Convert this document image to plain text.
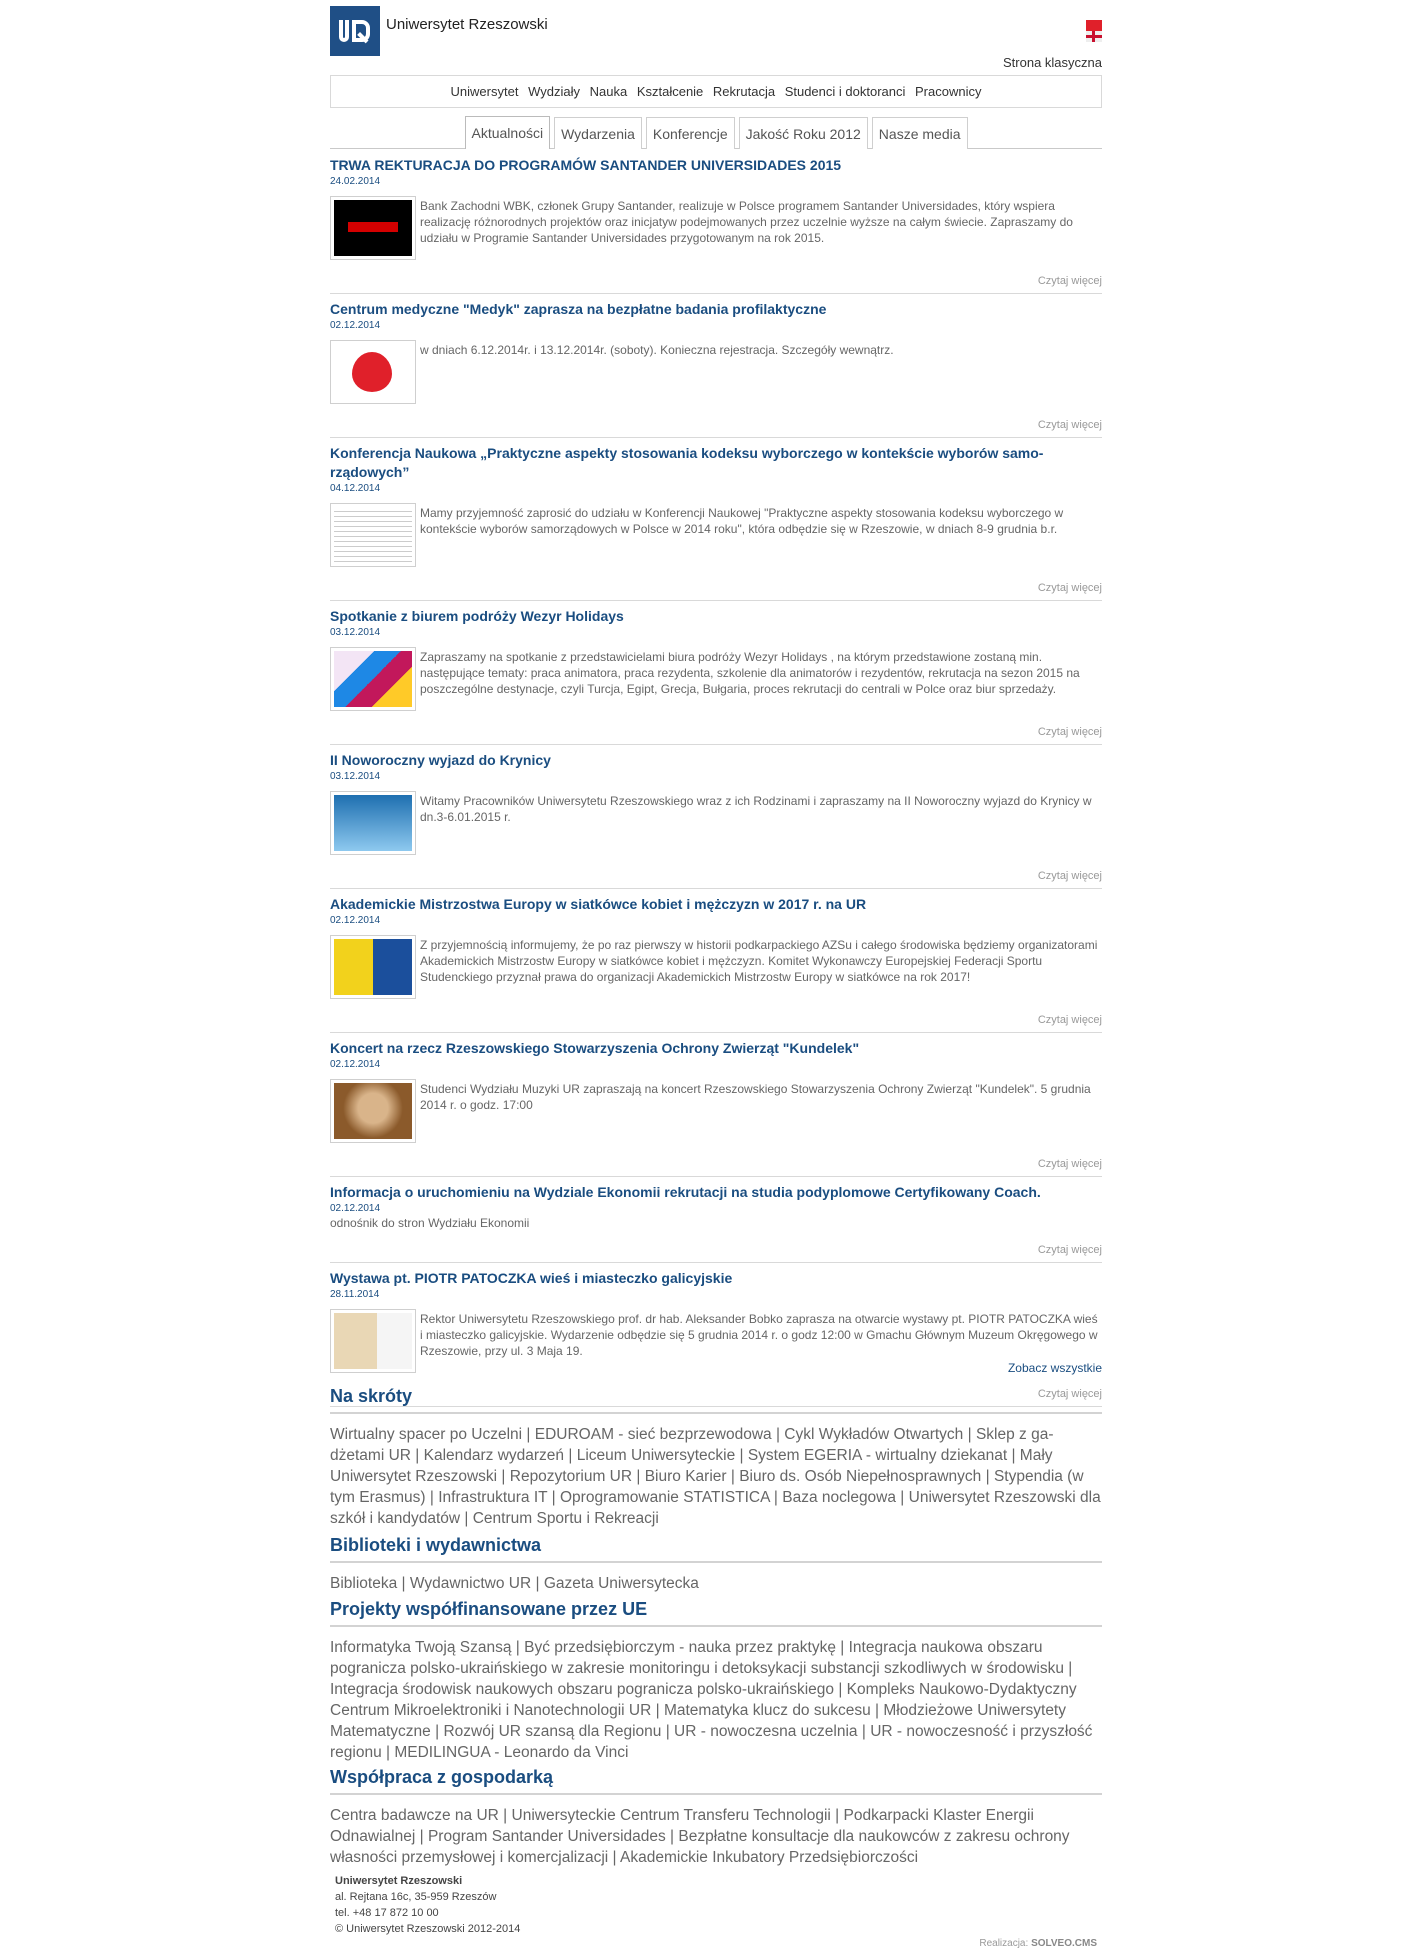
Uniwersytet Rzeszowski
Strona klasyczna
Uniwersytet Wydziały Nauka Kształcenie Rekrutacja Studenci i doktoranci Pracownicy
Aktualności Wydarzenia Konferencje Jakość Roku 2012 Nasze media
TRWA REKTURACJA DO PROGRAMÓW SANTANDER UNIVERSIDADES 2015
24.02.2014
Bank Zachodni WBK, członek Grupy Santander, realizuje w Polsce programem Santander Universidades, który wspiera realizację różnorodnych projektów oraz inicjatyw podejmowanych przez uczelnie wyższe na całym świecie. Zapraszamy do udziału w Programie Santander Universidades przygotowanym na rok 2015.
Czytaj więcej
Centrum medyczne "Medyk" zaprasza na bezpłatne badania profilaktyczne
02.12.2014
w dniach 6.12.2014r. i 13.12.2014r. (soboty). Konieczna rejestracja. Szczegóły wewnątrz.
Czytaj więcej
Konferencja Naukowa „Praktyczne aspekty stosowania kodeksu wyborczego w kontekście wyborów samorządowych”
04.12.2014
Mamy przyjemność zaprosić do udziału w Konferencji Naukowej "Praktyczne aspekty stosowania kodeksu wyborczego w kontekście wyborów samorządowych w Polsce w 2014 roku", która odbędzie się w Rzeszowie, w dniach 8-9 grudnia b.r.
Czytaj więcej
Spotkanie z biurem podróży Wezyr Holidays
03.12.2014
Zapraszamy na spotkanie z przedstawicielami biura podróży Wezyr Holidays , na którym przedstawione zostaną min. następujące tematy: praca animatora, praca rezydenta, szkolenie dla animatorów i rezydentów, rekrutacja na sezon 2015 na poszczególne destynacje, czyli Turcja, Egipt, Grecja, Bułgaria, proces rekrutacji do centrali w Polce oraz biur sprzedaży.
Czytaj więcej
II Noworoczny wyjazd do Krynicy
03.12.2014
Witamy Pracowników Uniwersytetu Rzeszowskiego wraz z ich Rodzinami i zapraszamy na II Noworoczny wyjazd do Krynicy w dn.3-6.01.2015 r.
Czytaj więcej
Akademickie Mistrzostwa Europy w siatkówce kobiet i mężczyzn w 2017 r. na UR
02.12.2014
Z przyjemnością informujemy, że po raz pierwszy w historii podkarpackiego AZSu i całego środowiska będziemy organizatorami Akademickich Mistrzostw Europy w siatkówce kobiet i mężczyzn. Komitet Wykonawczy Europejskiej Federacji Sportu Studenckiego przyznał prawa do organizacji Akademickich Mistrzostw Europy w siatkówce na rok 2017!
Czytaj więcej
Koncert na rzecz Rzeszowskiego Stowarzyszenia Ochrony Zwierząt "Kundelek"
02.12.2014
Studenci Wydziału Muzyki UR zapraszają na koncert Rzeszowskiego Stowarzyszenia Ochrony Zwierząt "Kundelek". 5 grudnia 2014 r. o godz. 17:00
Czytaj więcej
Informacja o uruchomieniu na Wydziale Ekonomii rekrutacji na studia podyplomowe Certyfikowany Coach.
02.12.2014
odnośnik do stron Wydziału Ekonomii
Czytaj więcej
Wystawa pt. PIOTR PATOCZKA wieś i miasteczko galicyjskie
28.11.2014
Rektor Uniwersytetu Rzeszowskiego prof. dr hab. Aleksander Bobko zaprasza na otwarcie wystawy pt. PIOTR PATOCZKA wieś i miasteczko galicyjskie. Wydarzenie odbędzie się 5 grudnia 2014 r. o godz 12:00 w Gmachu Głównym Muzeum Okręgowego w Rzeszowie, przy ul. 3 Maja 19.
Czytaj więcej
Zobacz wszystkie
Na skróty
Wirtualny spacer po Uczelni | EDUROAM - sieć bezprzewodowa | Cykl Wykładów Otwartych | Sklep z gadżetami UR | Kalendarz wydarzeń | Liceum Uniwersyteckie | System EGERIA - wirtualny dziekanat | Mały Uniwersytet Rzeszowski | Repozytorium UR | Biuro Karier | Biuro ds. Osób Niepełnosprawnych | Stypendia (w tym Erasmus) | Infrastruktura IT | Oprogramowanie STATISTICA | Baza noclegowa | Uniwersytet Rzeszowski dla szkół i kandydatów | Centrum Sportu i Rekreacji
Biblioteki i wydawnictwa
Biblioteka | Wydawnictwo UR | Gazeta Uniwersytecka
Projekty współfinansowane przez UE
Informatyka Twoją Szansą | Być przedsiębiorczym - nauka przez praktykę | Integracja naukowa obszaru pogranicza polsko-ukraińskiego w zakresie monitoringu i detoksykacji substancji szkodliwych w środowisku | Integracja środowisk naukowych obszaru pogranicza polsko-ukraińskiego | Kompleks Naukowo-Dydaktyczny Centrum Mikroelektroniki i Nanotechnologii UR | Matematyka klucz do sukcesu | Młodzieżowe Uniwersytety Matematyczne | Rozwój UR szansą dla Regionu | UR - nowoczesna uczelnia | UR - nowoczesność i przyszłość regionu | MEDILINGUA - Leonardo da Vinci
Współpraca z gospodarką
Centra badawcze na UR | Uniwersyteckie Centrum Transferu Technologii | Podkarpacki Klaster Energii Odnawialnej | Program Santander Universidades | Bezpłatne konsultacje dla naukowców z zakresu ochrony własności przemysłowej i komercjalizacji | Akademickie Inkubatory Przedsiębiorczości
Uniwersytet Rzeszowski
al. Rejtana 16c, 35-959 Rzeszów
tel. +48 17 872 10 00
© Uniwersytet Rzeszowski 2012-2014
Realizacja: SOLVEO.CMS
